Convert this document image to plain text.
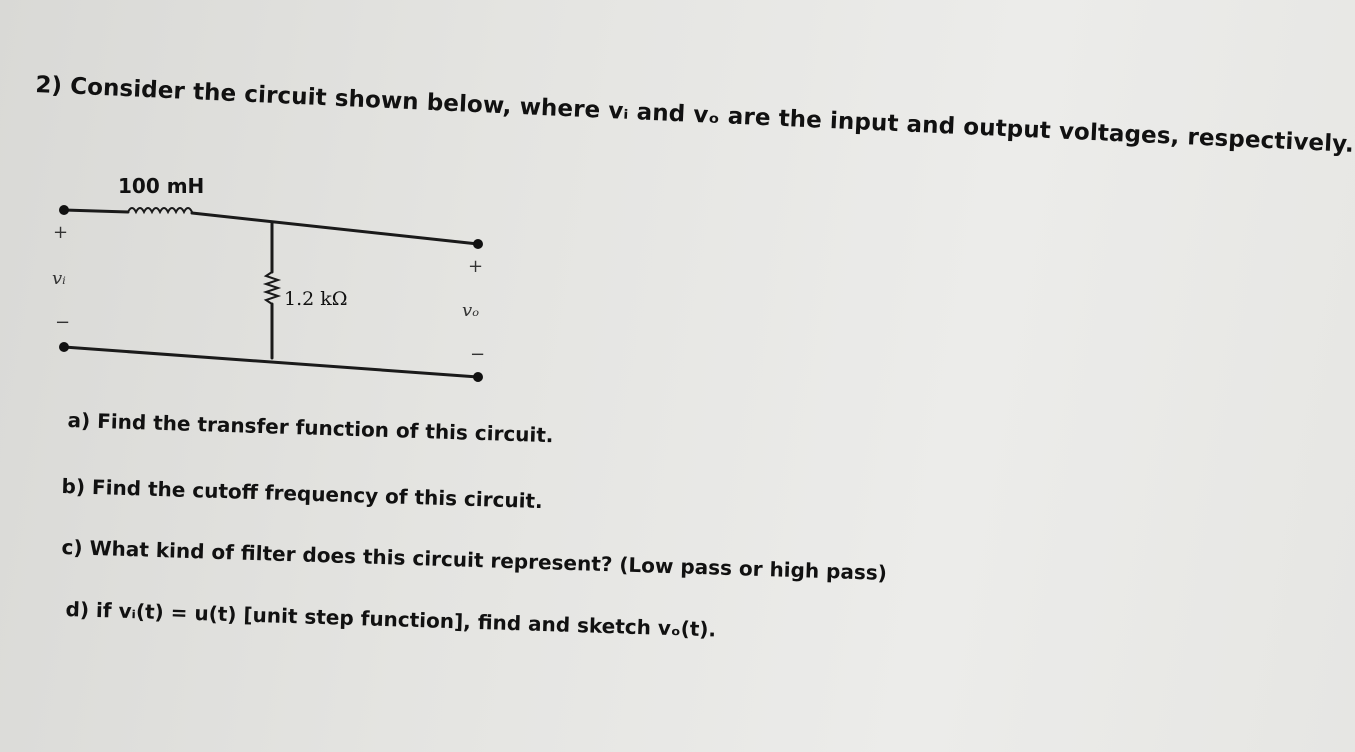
2) Consider the circuit shown below, where vᵢ and vₒ are the input and output voltages, respectively.
100 mH
1.2 kΩ
+
vᵢ
−
+
vₒ
−
a) Find the transfer function of this circuit.
b) Find the cutoff frequency of this circuit.
c) What kind of filter does this circuit represent? (Low pass or high pass)
d) if vᵢ(t) = u(t) [unit step function], find and sketch vₒ(t).
